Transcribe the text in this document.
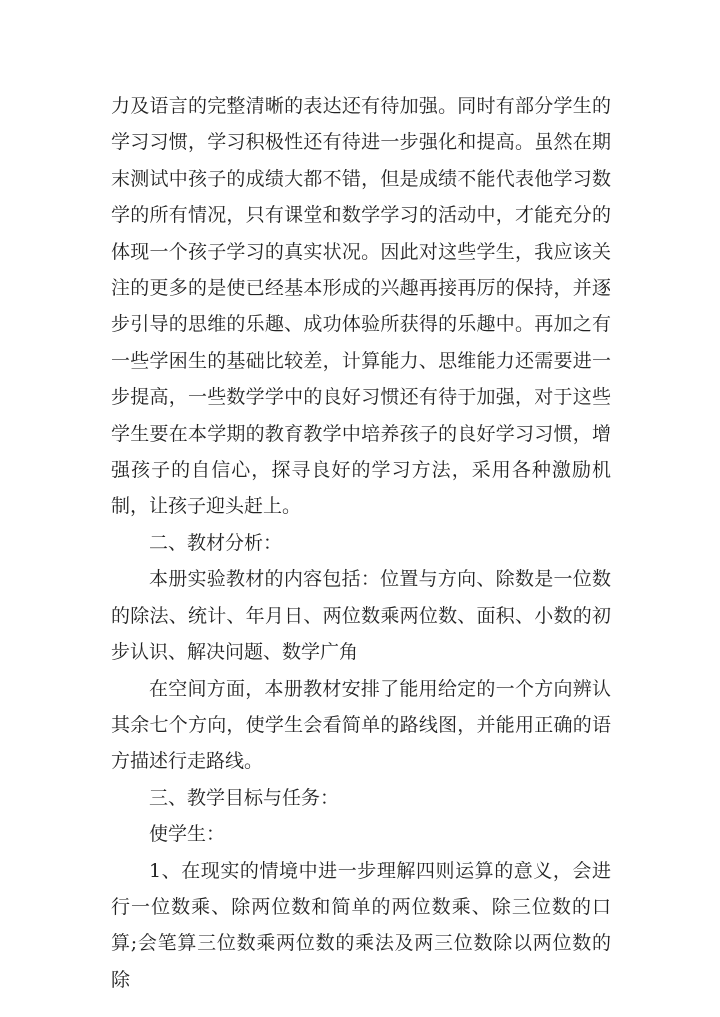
力及语言的完整清晰的表达还有待加强。同时有部分学生的学习习惯，学习积极性还有待进一步强化和提高。虽然在期末测试中孩子的成绩大都不错，但是成绩不能代表他学习数学的所有情况，只有课堂和数学学习的活动中，才能充分的体现一个孩子学习的真实状况。因此对这些学生，我应该关注的更多的是使已经基本形成的兴趣再接再厉的保持，并逐步引导的思维的乐趣、成功体验所获得的乐趣中。再加之有一些学困生的基础比较差，计算能力、思维能力还需要进一步提高，一些数学学中的良好习惯还有待于加强，对于这些学生要在本学期的教育教学中培养孩子的良好学习习惯，增强孩子的自信心，探寻良好的学习方法，采用各种激励机制，让孩子迎头赶上。

二、教材分析：

本册实验教材的内容包括：位置与方向、除数是一位数的除法、统计、年月日、两位数乘两位数、面积、小数的初步认识、解决问题、数学广角

在空间方面，本册教材安排了能用给定的一个方向辨认其余七个方向，使学生会看简单的路线图，并能用正确的语方描述行走路线。

三、教学目标与任务：

使学生：

1、在现实的情境中进一步理解四则运算的意义，会进行一位数乘、除两位数和简单的两位数乘、除三位数的口算;会笔算三位数乘两位数的乘法及两三位数除以两位数的除
